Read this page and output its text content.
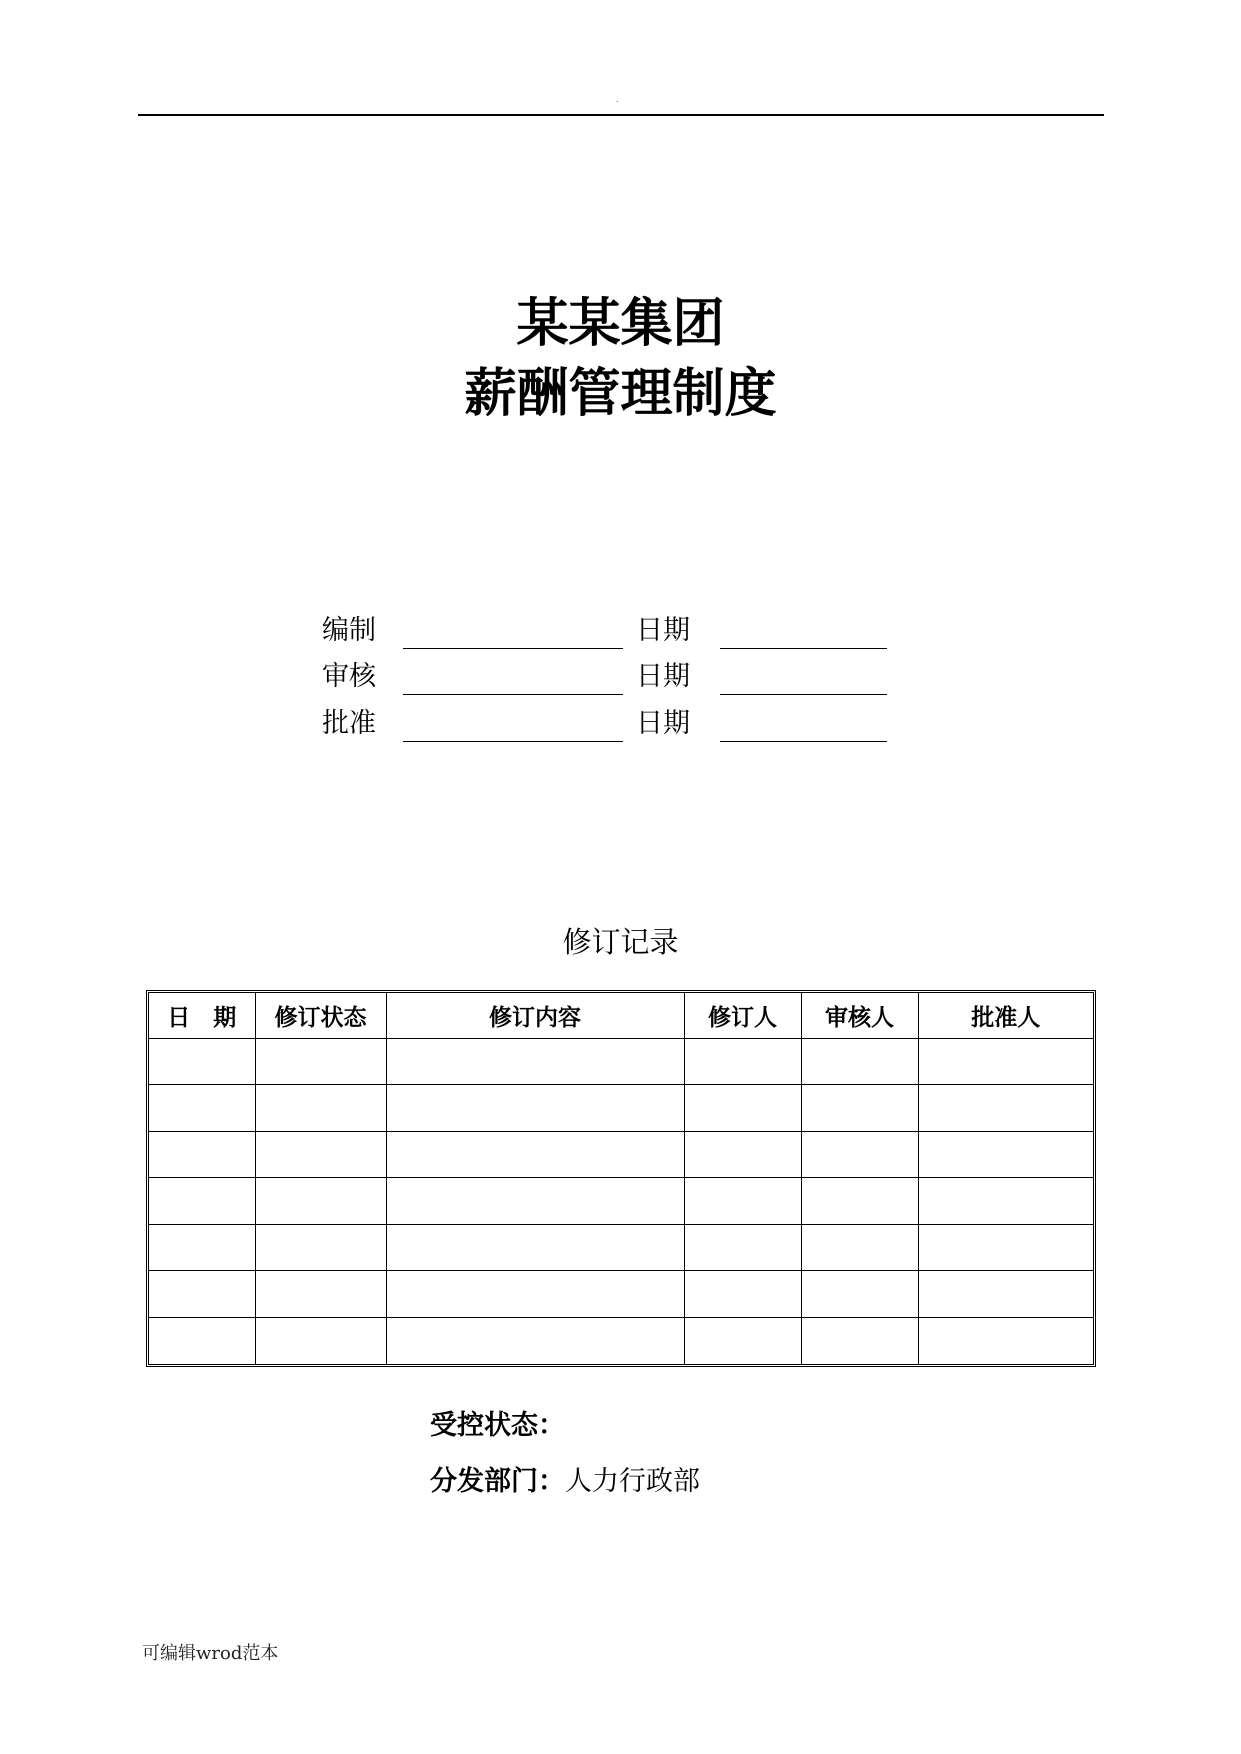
.
某某集团
薪酬管理制度
编制	日期
审核	日期
批准	日期
修订记录
日　期	修订状态	修订内容	修订人	审核人	批准人

受控状态：
分发部门：人力行政部
可编辑wrod范本
